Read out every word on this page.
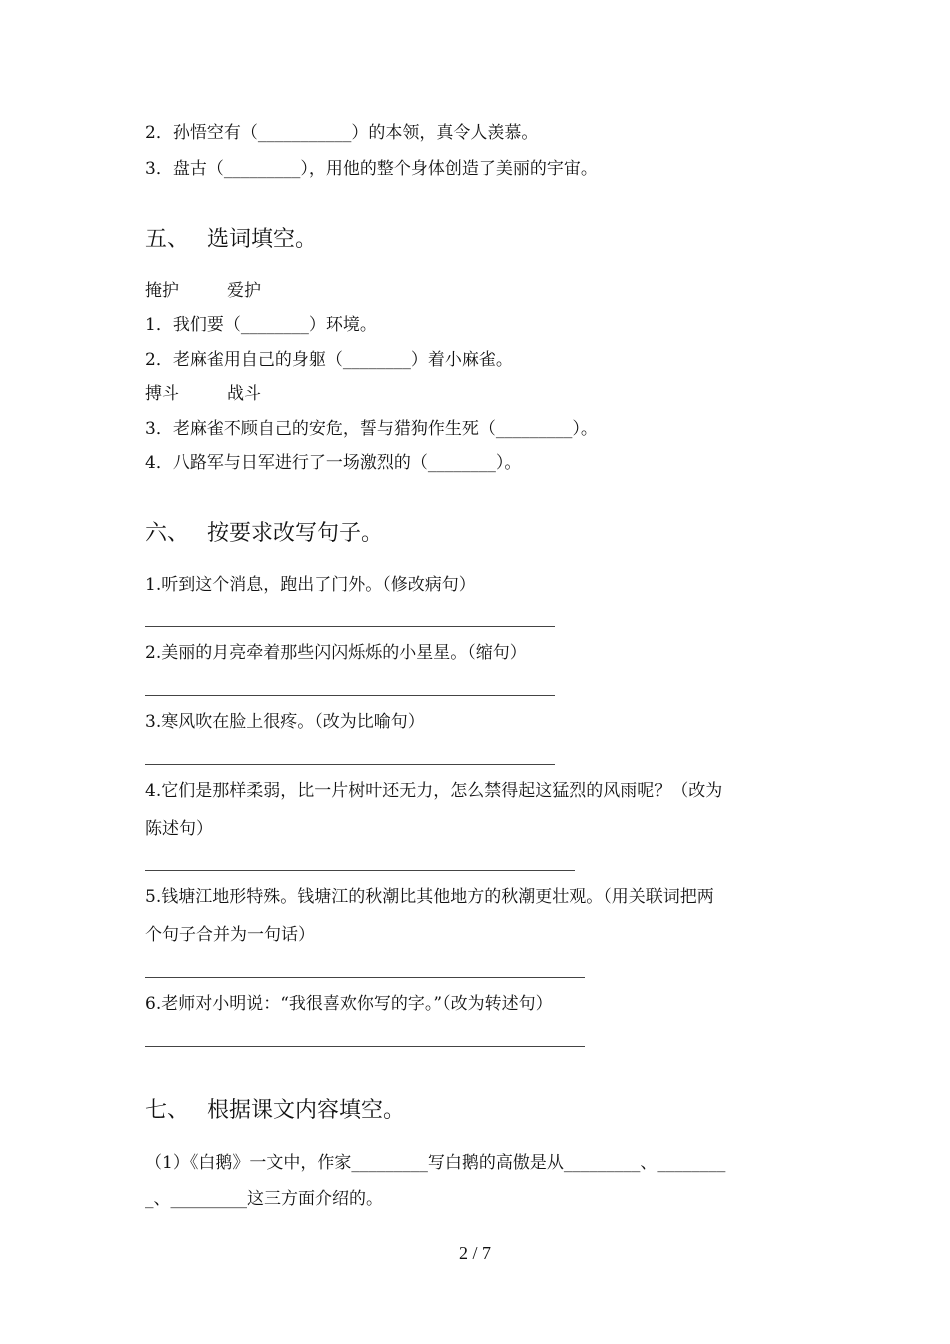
2．孙悟空有（___________）的本领，真令人羡慕。
3．盘古（_________），用他的整个身体创造了美丽的宇宙。
五、 选词填空。
掩护	爱护
1．我们要（________）环境。
2．老麻雀用自己的身躯（________）着小麻雀。
搏斗	战斗
3．老麻雀不顾自己的安危，誓与猎狗作生死（_________）。
4．八路军与日军进行了一场激烈的（________）。
六、 按要求改写句子。
1.听到这个消息，跑出了门外。（修改病句）
2.美丽的月亮牵着那些闪闪烁烁的小星星。（缩句）
3.寒风吹在脸上很疼。（改为比喻句）
4.它们是那样柔弱，比一片树叶还无力，怎么禁得起这猛烈的风雨呢？（改为
陈述句）
5.钱塘江地形特殊。钱塘江的秋潮比其他地方的秋潮更壮观。（用关联词把两
个句子合并为一句话）
6.老师对小明说：“我很喜欢你写的字。”（改为转述句）
七、 根据课文内容填空。
（1）《白鹅》一文中，作家_________写白鹅的高傲是从_________、________
_、_________这三方面介绍的。
2 / 7
